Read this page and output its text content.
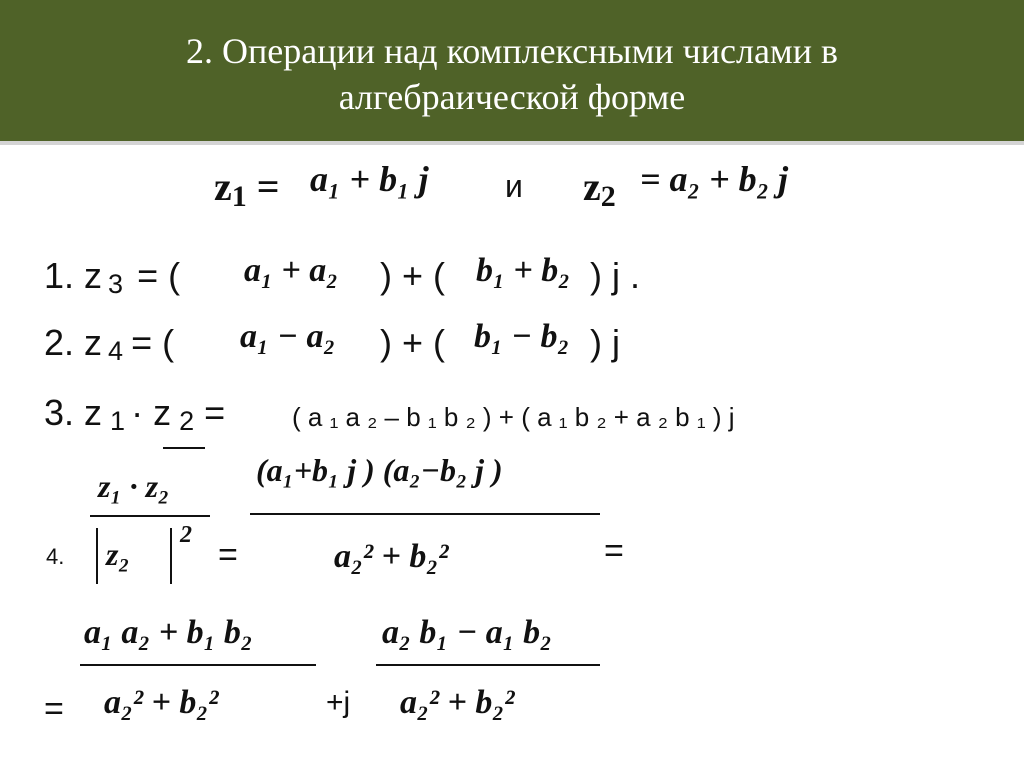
2. Операции над комплексными числами в
алгебраической форме
z1 = a₁ + b₁ j и z2 = a₂ + b₂ j
1. z 3 = ( a₁ + a₂ ) + ( b₁ + b₂ ) j .
2. z 4 = ( a₁ − a₂ ) + ( b₁ − b₂ ) j
3. z 1 · z 2 =	( a ₁ a ₂ – b ₁ b ₂ ) + ( a ₁ b ₂ + a ₂ b ₁ ) j
4.
z₁ · z₂
z₂
2
=
(a₁+b₁ j ) (a₂−b₂ j )
a₂² + b₂²	=
=
a₁ a₂ + b₁ b₂
a₂² + b₂²	+j
a₂ b₁ − a₁ b₂
a₂² + b₂²
